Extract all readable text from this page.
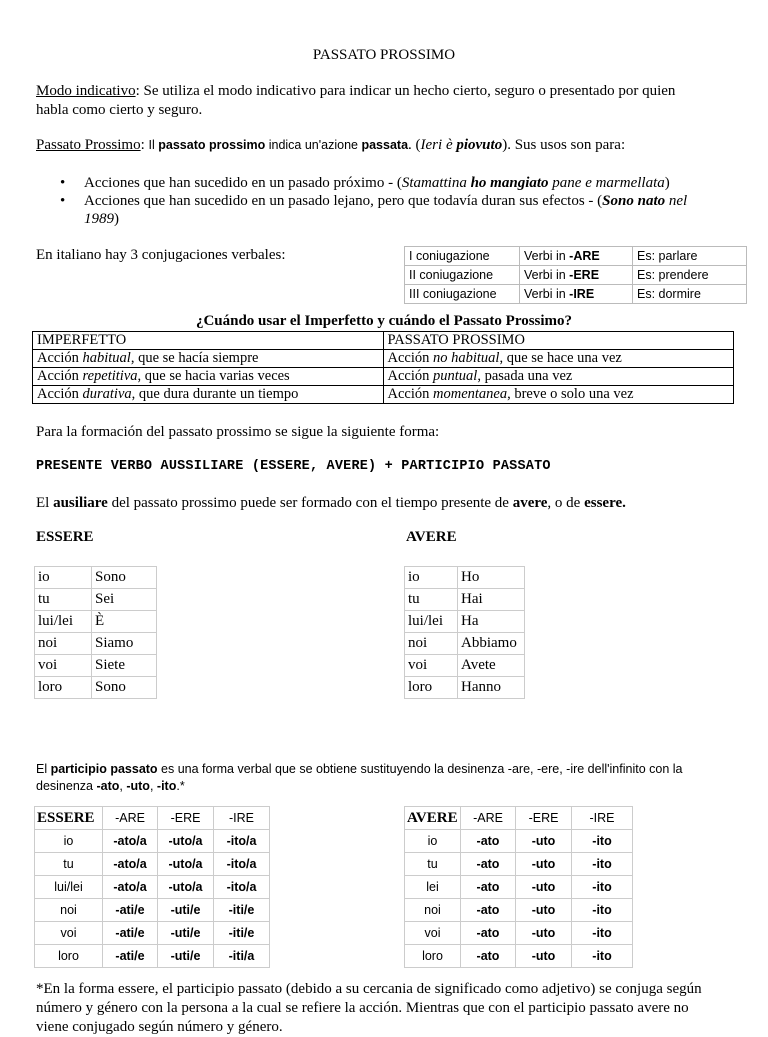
PASSATO PROSSIMO

Modo indicativo: Se utiliza el modo indicativo para indicar un hecho cierto, seguro o presentado por quien
habla como cierto y seguro.

Passato Prossimo: Il passato prossimo indica un'azione passata. (Ieri è piovuto). Sus usos son para:

• Acciones que han sucedido en un pasado próximo - (Stamattina ho mangiato pane e marmellata)
• Acciones que han sucedido en un pasado lejano, pero que todavía duran sus efectos - (Sono nato nel
1989)

En italiano hay 3 conjugaciones verbales:	I coniugazione	Verbi in -ARE	Es: parlare
II coniugazione	Verbi in -ERE	Es: prendere
III coniugazione	Verbi in -IRE	Es: dormire
¿Cuándo usar el Imperfetto y cuándo el Passato Prossimo?
IMPERFETTO	PASSATO PROSSIMO
Acción habitual, que se hacía siempre	Acción no habitual, que se hace una vez
Acción repetitiva, que se hacia varias veces	Acción puntual, pasada una vez
Acción durativa, que dura durante un tiempo	Acción momentanea, breve o solo una vez

Para la formación del passato prossimo se sigue la siguiente forma:

PRESENTE VERBO AUSSILIARE (ESSERE, AVERE) + PARTICIPIO PASSATO

El ausiliare del passato prossimo puede ser formado con el tiempo presente de avere, o de essere.

ESSERE	AVERE
io	Sono
tu	Sei
lui/lei	È
noi	Siamo
voi	Siete
loro	Sono
io	Ho
tu	Hai
lui/lei	Ha
noi	Abbiamo
voi	Avete
loro	Hanno

El participio passato es una forma verbal que se obtiene sustituyendo la desinenza -are, -ere, -ire dell'infinito con la
desinenza -ato, -uto, -ito.*

ESSERE	-ARE	-ERE	-IRE
io	-ato/a	-uto/a	-ito/a
tu	-ato/a	-uto/a	-ito/a
lui/lei	-ato/a	-uto/a	-ito/a
noi	-ati/e	-uti/e	-iti/e
voi	-ati/e	-uti/e	-iti/e
loro	-ati/e	-uti/e	-iti/a
AVERE	-ARE	-ERE	-IRE
io	-ato	-uto	-ito
tu	-ato	-uto	-ito
lei	-ato	-uto	-ito
noi	-ato	-uto	-ito
voi	-ato	-uto	-ito
loro	-ato	-uto	-ito

*En la forma essere, el participio passato (debido a su cercania de significado como adjetivo) se conjuga según
número y género con la persona a la cual se refiere la acción. Mientras que con el participio passato avere no
viene conjugado según número y género.
